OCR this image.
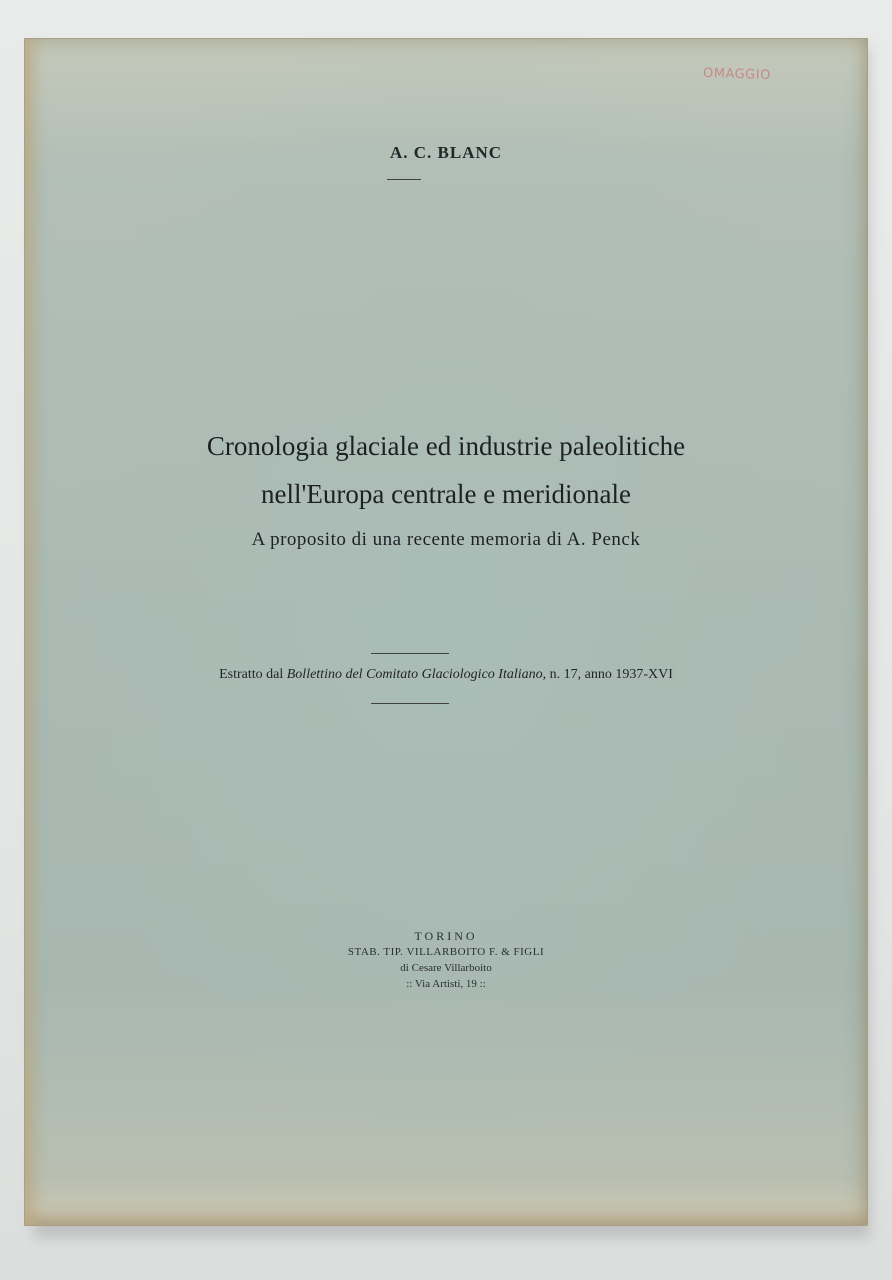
OMAGGIO
A. C. BLANC
Cronologia glaciale ed industrie paleolitiche
nell'Europa centrale e meridionale
A proposito di una recente memoria di A. Penck
Estratto dal Bollettino del Comitato Glaciologico Italiano, n. 17, anno 1937-XVI
TORINO
STAB. TIP. VILLARBOITO F. & FIGLI
di Cesare Villarboito
:: Via Artisti, 19 ::
